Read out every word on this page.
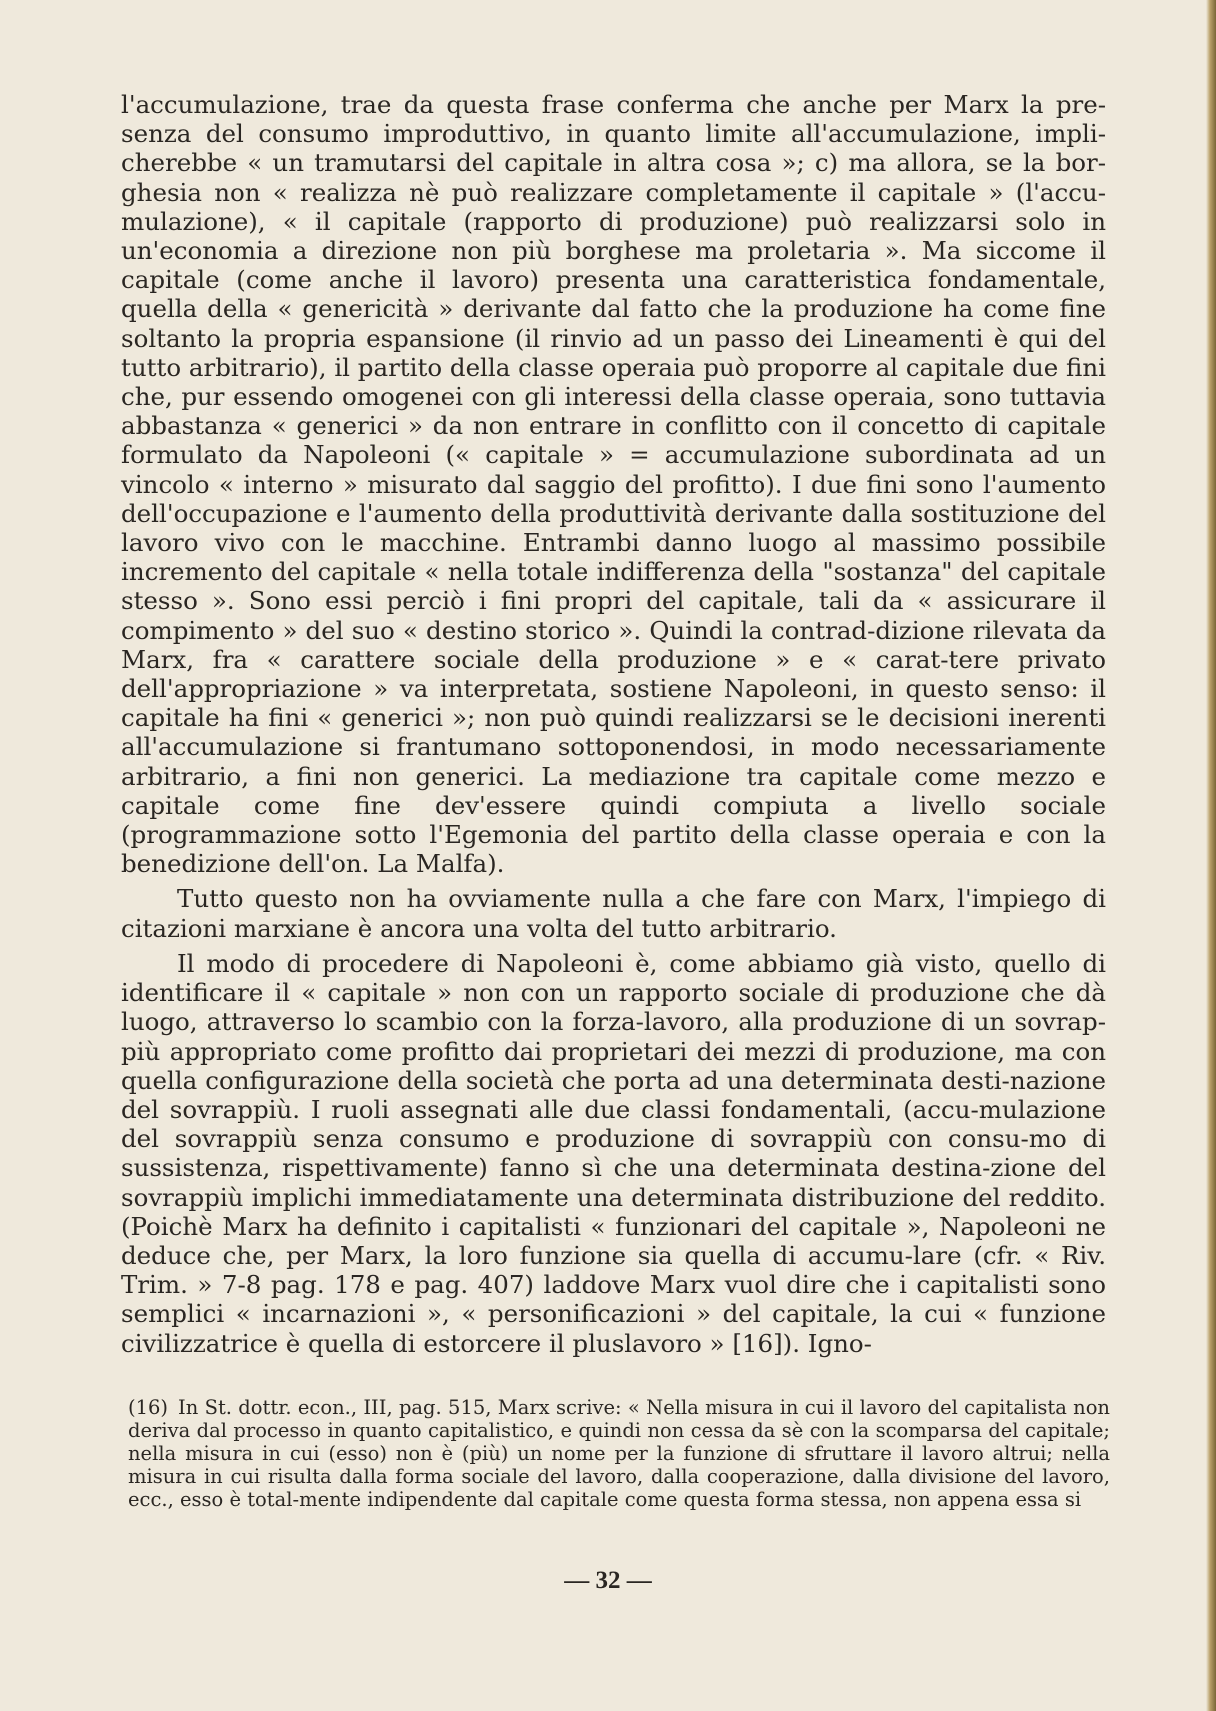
l'accumulazione, trae da questa frase conferma che anche per Marx la pre-senza del consumo improduttivo, in quanto limite all'accumulazione, impli-cherebbe « un tramutarsi del capitale in altra cosa »; c) ma allora, se la bor-ghesia non « realizza nè può realizzare completamente il capitale » (l'accu-mulazione), « il capitale (rapporto di produzione) può realizzarsi solo in un'economia a direzione non più borghese ma proletaria ». Ma siccome il capitale (come anche il lavoro) presenta una caratteristica fondamentale, quella della « genericità » derivante dal fatto che la produzione ha come fine soltanto la propria espansione (il rinvio ad un passo dei Lineamenti è qui del tutto arbitrario), il partito della classe operaia può proporre al capitale due fini che, pur essendo omogenei con gli interessi della classe operaia, sono tuttavia abbastanza « generici » da non entrare in conflitto con il concetto di capitale formulato da Napoleoni (« capitale » = accumulazione subordinata ad un vincolo « interno » misurato dal saggio del profitto). I due fini sono l'aumento dell'occupazione e l'aumento della produttività derivante dalla sostituzione del lavoro vivo con le macchine. Entrambi danno luogo al massimo possibile incremento del capitale « nella totale indifferenza della "sostanza" del capitale stesso ». Sono essi perciò i fini propri del capitale, tali da « assicurare il compimento » del suo « destino storico ». Quindi la contrad-dizione rilevata da Marx, fra « carattere sociale della produzione » e « carat-tere privato dell'appropriazione » va interpretata, sostiene Napoleoni, in questo senso: il capitale ha fini « generici »; non può quindi realizzarsi se le decisioni inerenti all'accumulazione si frantumano sottoponendosi, in modo necessariamente arbitrario, a fini non generici. La mediazione tra capitale come mezzo e capitale come fine dev'essere quindi compiuta a livello sociale (programmazione sotto l'Egemonia del partito della classe operaia e con la benedizione dell'on. La Malfa).

Tutto questo non ha ovviamente nulla a che fare con Marx, l'impiego di citazioni marxiane è ancora una volta del tutto arbitrario.

Il modo di procedere di Napoleoni è, come abbiamo già visto, quello di identificare il « capitale » non con un rapporto sociale di produzione che dà luogo, attraverso lo scambio con la forza-lavoro, alla produzione di un sovrap-più appropriato come profitto dai proprietari dei mezzi di produzione, ma con quella configurazione della società che porta ad una determinata desti-nazione del sovrappiù. I ruoli assegnati alle due classi fondamentali, (accu-mulazione del sovrappiù senza consumo e produzione di sovrappiù con consu-mo di sussistenza, rispettivamente) fanno sì che una determinata destina-zione del sovrappiù implichi immediatamente una determinata distribuzione del reddito. (Poichè Marx ha definito i capitalisti « funzionari del capitale », Napoleoni ne deduce che, per Marx, la loro funzione sia quella di accumu-lare (cfr. « Riv. Trim. » 7-8 pag. 178 e pag. 407) laddove Marx vuol dire che i capitalisti sono semplici « incarnazioni », « personificazioni » del capitale, la cui « funzione civilizzatrice è quella di estorcere il pluslavoro » [16]). Igno-

(16) In St. dottr. econ., III, pag. 515, Marx scrive: « Nella misura in cui il lavoro del capitalista non deriva dal processo in quanto capitalistico, e quindi non cessa da sè con la scomparsa del capitale; nella misura in cui (esso) non è (più) un nome per la funzione di sfruttare il lavoro altrui; nella misura in cui risulta dalla forma sociale del lavoro, dalla cooperazione, dalla divisione del lavoro, ecc., esso è total-mente indipendente dal capitale come questa forma stessa, non appena essa si

— 32 —
